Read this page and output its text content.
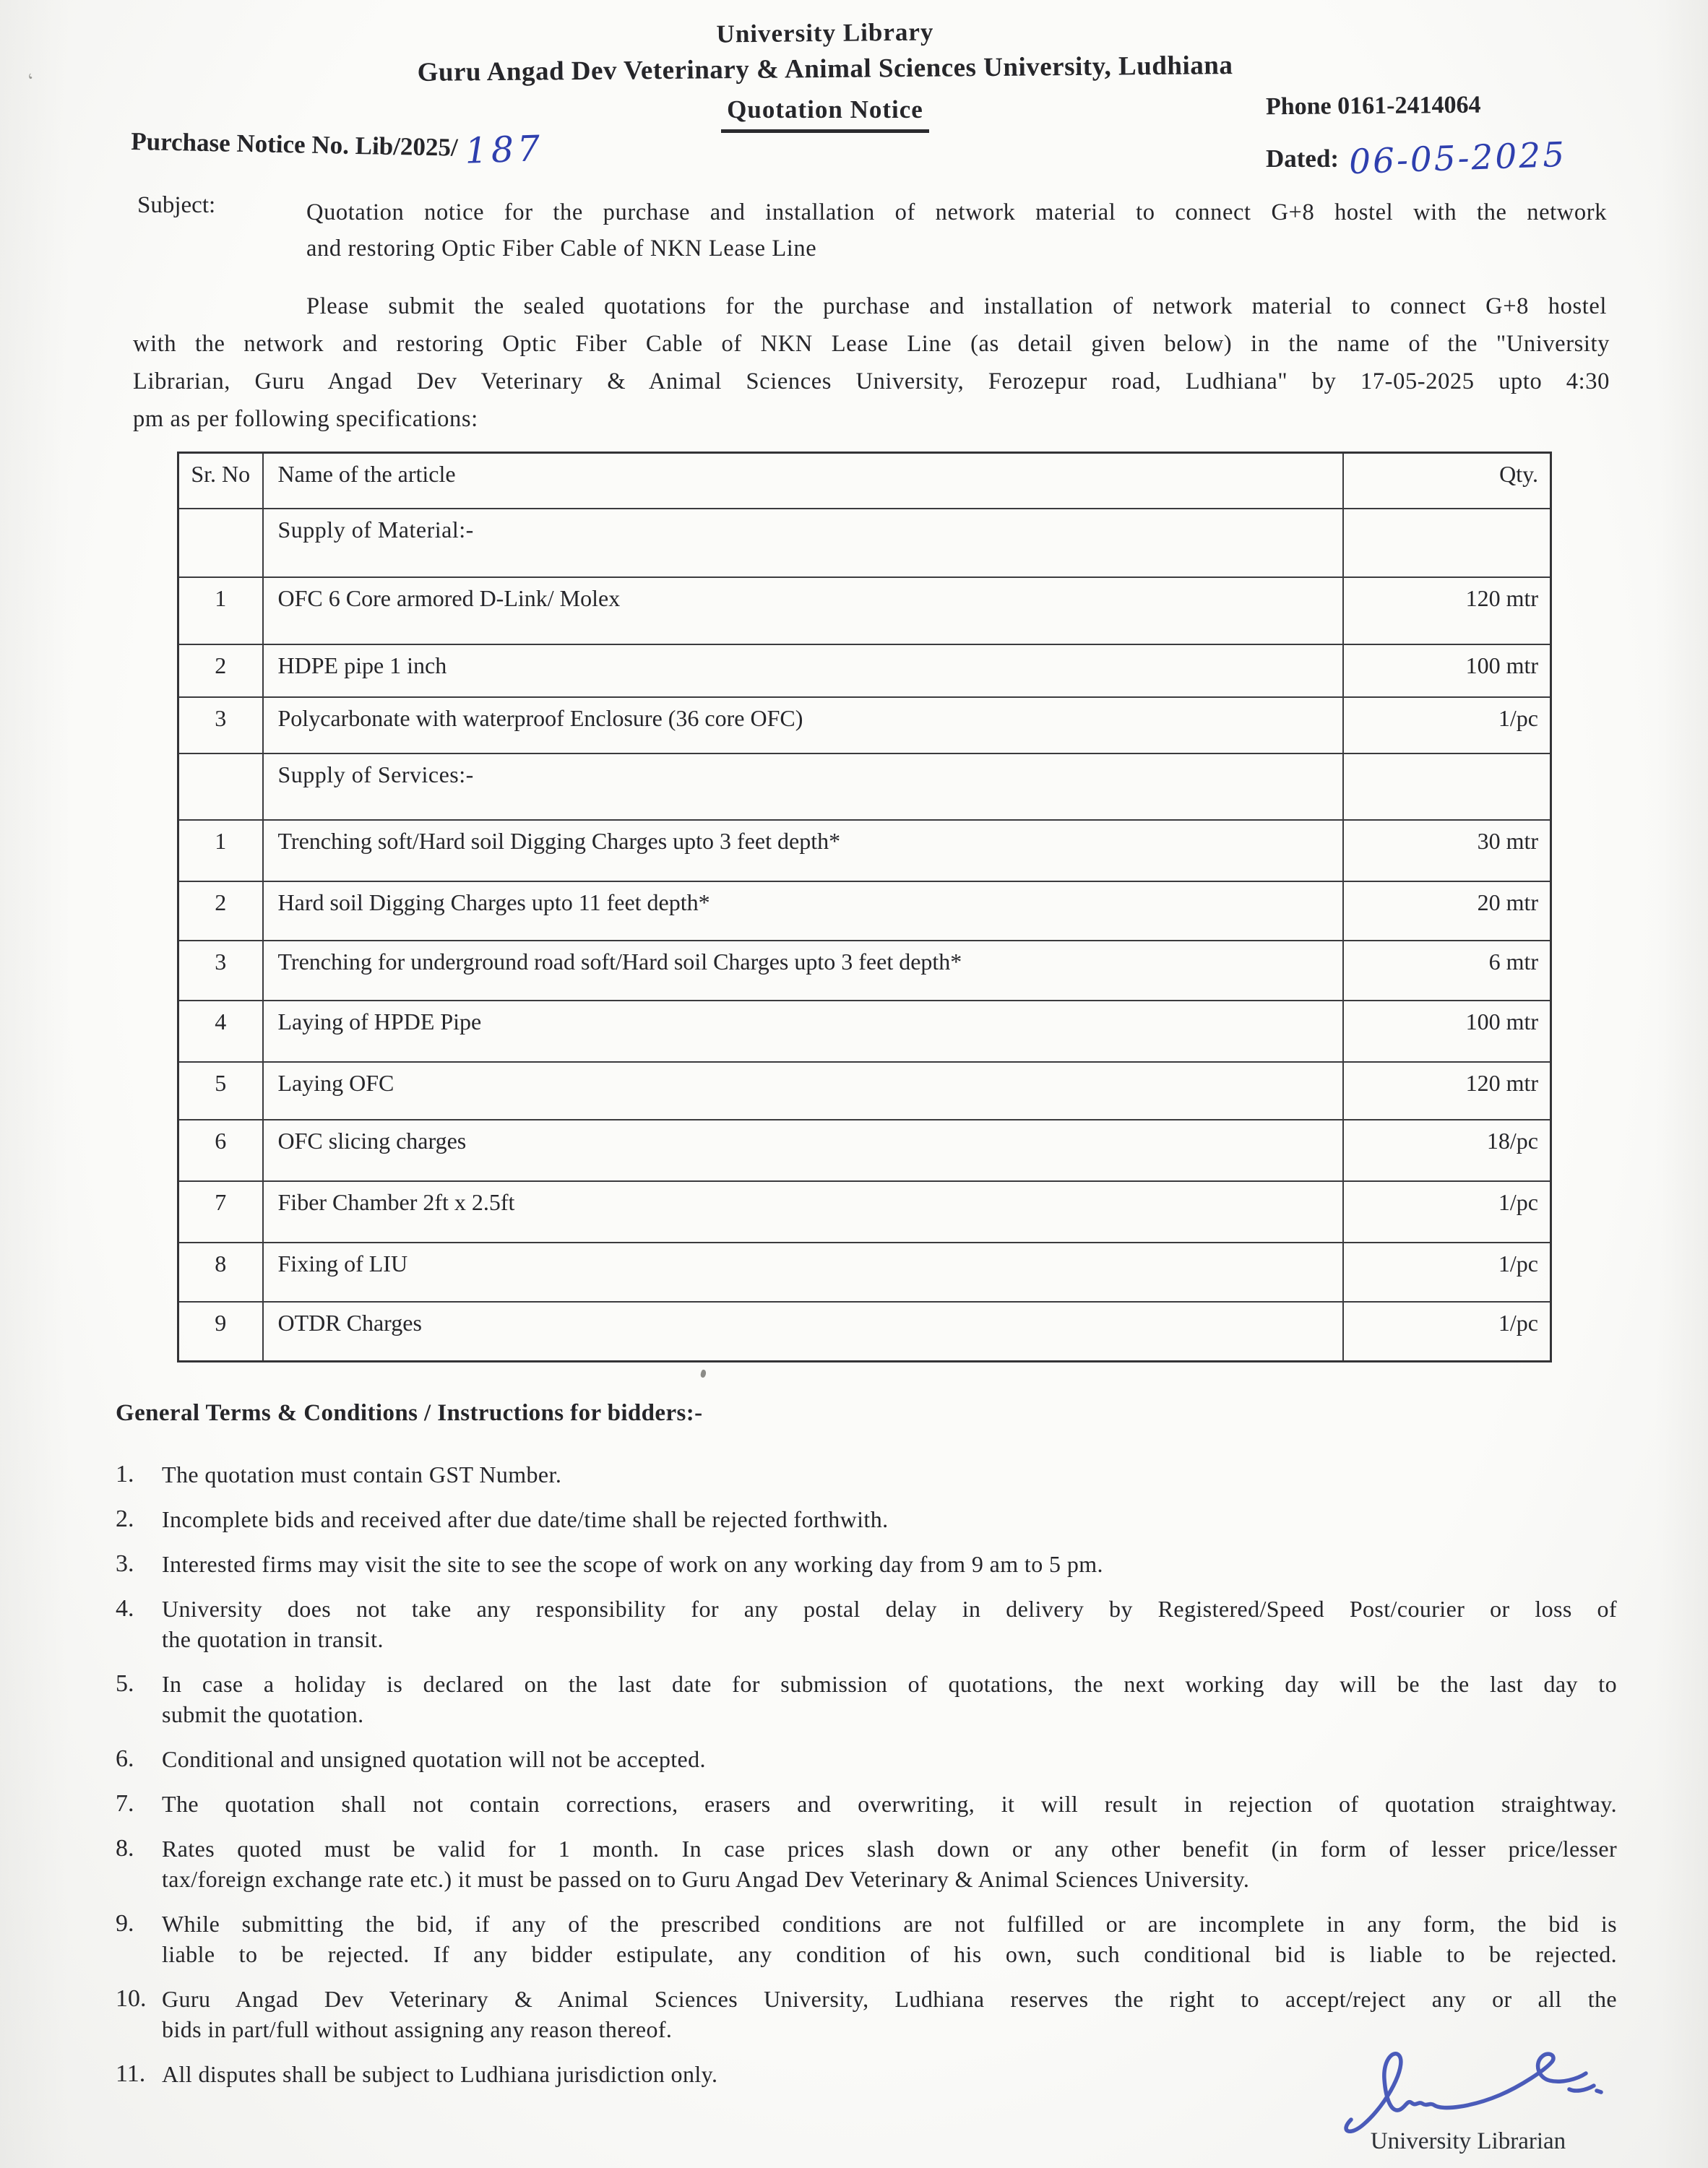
‘
University Library
Guru Angad Dev Veterinary & Animal Sciences University, Ludhiana
Quotation Notice	Phone 0161-2414064
Purchase Notice No. Lib/2025/ 187	Dated: 06-05-2025
Subject:	Quotation notice for the purchase and installation of network material to connect G+8 hostel with the network
and restoring Optic Fiber Cable of NKN Lease Line
Please submit the sealed quotations for the purchase and installation of network material to connect G+8 hostel
with the network and restoring Optic Fiber Cable of NKN Lease Line (as detail given below) in the name of the "University
Librarian, Guru Angad Dev Veterinary & Animal Sciences University, Ferozepur road, Ludhiana" by 17-05-2025 upto 4:30
pm as per following specifications:
Sr. No	Name of the article	Qty.
	Supply of Material:-	
1	OFC 6 Core armored D-Link/ Molex	120 mtr
2	HDPE pipe 1 inch	100 mtr
3	Polycarbonate with waterproof Enclosure (36 core OFC)	1/pc
	Supply of Services:-	
1	Trenching soft/Hard soil Digging Charges upto 3 feet depth*	30 mtr
2	Hard soil Digging Charges upto 11 feet depth*	20 mtr
3	Trenching for underground road soft/Hard soil Charges upto 3 feet depth*	6 mtr
4	Laying of HPDE Pipe	100 mtr
5	Laying OFC	120 mtr
6	OFC slicing charges	18/pc
7	Fiber Chamber 2ft x 2.5ft	1/pc
8	Fixing of LIU	1/pc
9	OTDR Charges	1/pc
General Terms & Conditions / Instructions for bidders:-
1.	The quotation must contain GST Number.
2.	Incomplete bids and received after due date/time shall be rejected forthwith.
3.	Interested firms may visit the site to see the scope of work on any working day from 9 am to 5 pm.
4.	University does not take any responsibility for any postal delay in delivery by Registered/Speed Post/courier or loss of
the quotation in transit.
5.	In case a holiday is declared on the last date for submission of quotations, the next working day will be the last day to
submit the quotation.
6.	Conditional and unsigned quotation will not be accepted.
7.	The quotation shall not contain corrections, erasers and overwriting, it will result in rejection of quotation straightway.
8.	Rates quoted must be valid for 1 month. In case prices slash down or any other benefit (in form of lesser price/lesser
tax/foreign exchange rate etc.) it must be passed on to Guru Angad Dev Veterinary & Animal Sciences University.
9.	While submitting the bid, if any of the prescribed conditions are not fulfilled or are incomplete in any form, the bid is
liable to be rejected. If any bidder estipulate, any condition of his own, such conditional bid is liable to be rejected.
10. Guru Angad Dev Veterinary & Animal Sciences University, Ludhiana reserves the right to accept/reject any or all the
bids in part/full without assigning any reason thereof.
11. All disputes shall be subject to Ludhiana jurisdiction only.
University Librarian
